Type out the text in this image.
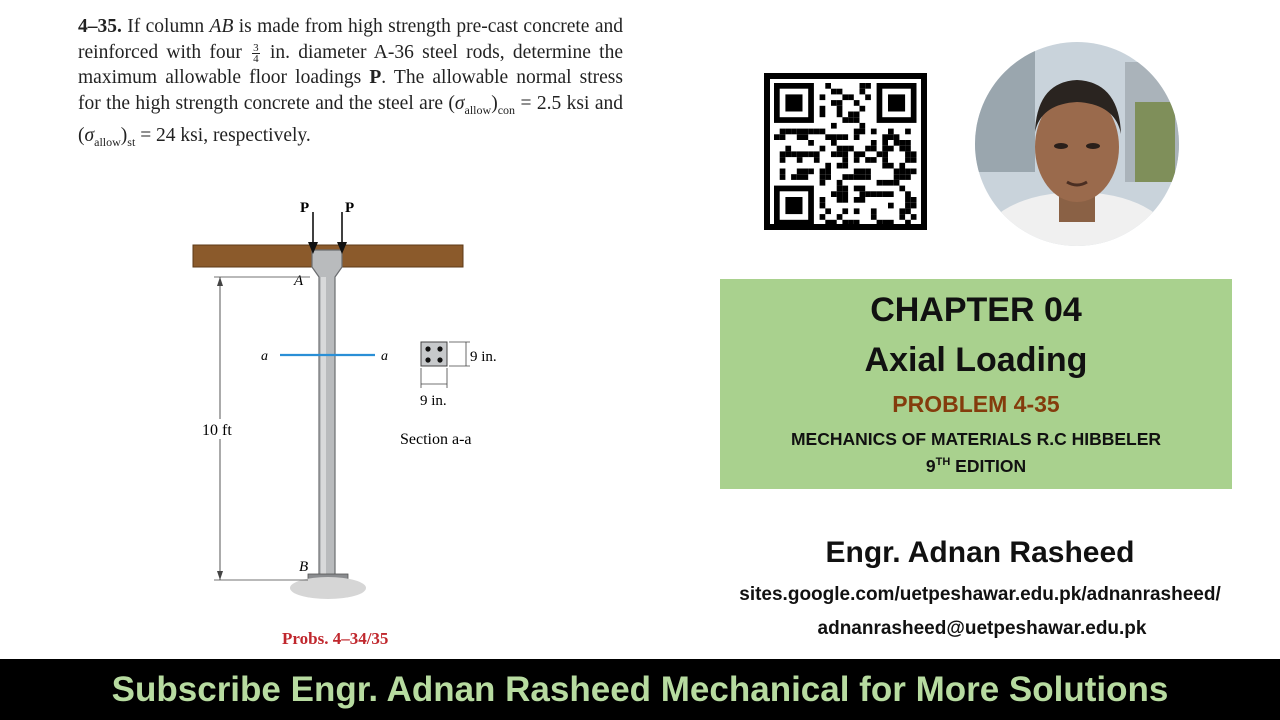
4–35. If column AB is made from high strength pre-cast concrete and reinforced with four $\frac{3}{4}$ in. diameter A-36 steel rods, determine the maximum allowable floor loadings P. The allowable normal stress for the high strength concrete and the steel are $(\sigma_{allow})_{con} = 2.5$ ksi and $(\sigma_{allow})_{st} = 24$ ksi, respectively.
P P
A
B
a	a
10 ft
9 in.
9 in.
Section a-a
Probs. 4–34/35
CHAPTER 04
Axial Loading
PROBLEM 4-35
MECHANICS OF MATERIALS R.C HIBBELER
9TH EDITION
Engr. Adnan Rasheed
sites.google.com/uetpeshawar.edu.pk/adnanrasheed/
adnanrasheed@uetpeshawar.edu.pk
Subscribe Engr. Adnan Rasheed Mechanical for More Solutions
